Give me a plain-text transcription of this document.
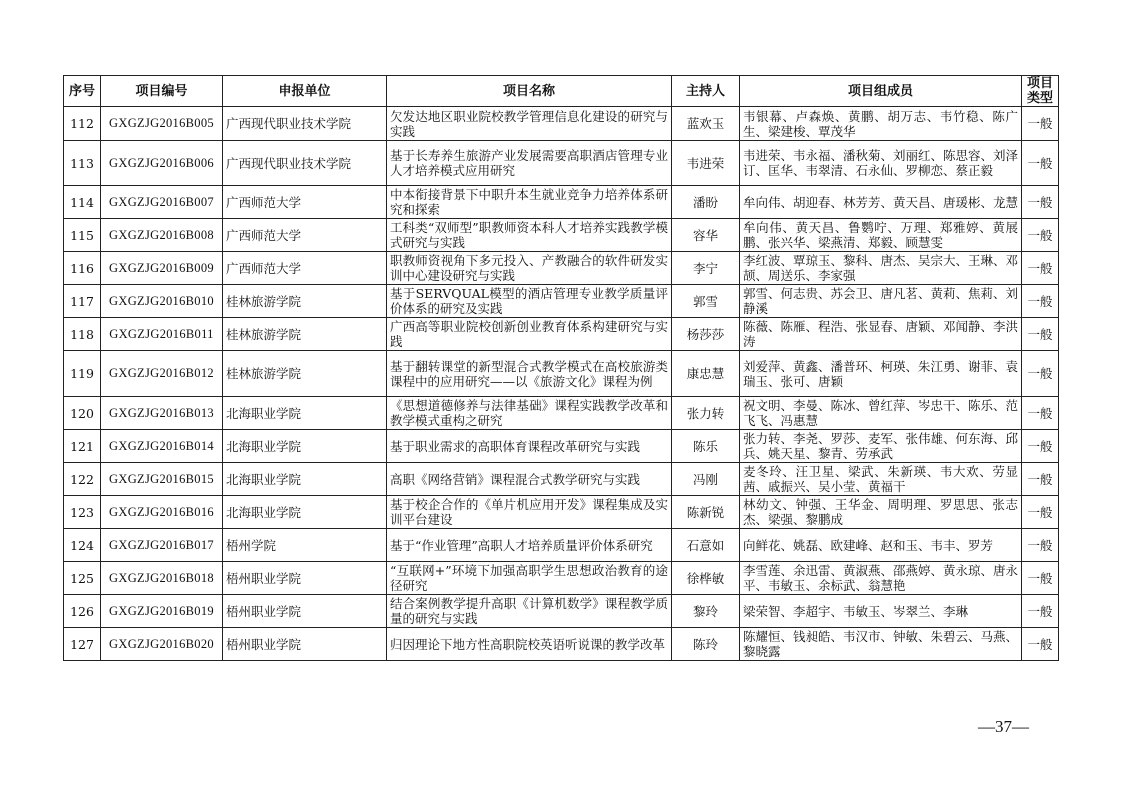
序号	项目编号	申报单位	项目名称	主持人	项目组成员	项目类型
112	GXGZJG2016B005	广西现代职业技术学院	欠发达地区职业院校教学管理信息化建设的研究与实践	蓝欢玉	韦银幕、卢森焕、黄鹏、胡万志、韦竹稳、陈广生、梁建梭、覃茂华	一般
113	GXGZJG2016B006	广西现代职业技术学院	基于长寿养生旅游产业发展需要高职酒店管理专业人才培养模式应用研究	韦进荣	韦进荣、韦永福、潘秋菊、刘丽红、陈思容、刘泽订、匡华、韦翠清、石永仙、罗柳恋、蔡正毅	一般
114	GXGZJG2016B007	广西师范大学	中本衔接背景下中职升本生就业竞争力培养体系研究和探索	潘盼	牟向伟、胡迎春、林芳芳、黄天昌、唐瑗彬、龙慧	一般
115	GXGZJG2016B008	广西师范大学	工科类“双师型”职教师资本科人才培养实践教学模式研究与实践	容华	牟向伟、黄天昌、鲁鹦咛、万理、郑雅婷、黄展鹏、张兴华、梁燕清、郑毅、顾慧雯	一般
116	GXGZJG2016B009	广西师范大学	职教师资视角下多元投入、产教融合的软件研发实训中心建设研究与实践	李宁	李红波、覃琼玉、黎科、唐杰、吴宗大、王琳、邓颉、周送乐、李家强	一般
117	GXGZJG2016B010	桂林旅游学院	基于SERVQUAL模型的酒店管理专业教学质量评价体系的研究及实践	郭雪	郭雪、何志贵、苏会卫、唐凡茗、黄莉、焦莉、刘静溪	一般
118	GXGZJG2016B011	桂林旅游学院	广西高等职业院校创新创业教育体系构建研究与实践	杨莎莎	陈薇、陈雁、程浩、张显春、唐颖、邓闻静、李洪涛	一般
119	GXGZJG2016B012	桂林旅游学院	基于翻转课堂的新型混合式教学模式在高校旅游类课程中的应用研究——以《旅游文化》课程为例	康忠慧	刘爱萍、黄鑫、潘普环、柯瑛、朱江勇、谢菲、袁瑞玉、张可、唐颖	一般
120	GXGZJG2016B013	北海职业学院	《思想道德修养与法律基础》课程实践教学改革和教学模式重构之研究	张力转	祝文明、李曼、陈冰、曾红萍、岑忠干、陈乐、范飞飞、冯惠慧	一般
121	GXGZJG2016B014	北海职业学院	基于职业需求的高职体育课程改革研究与实践	陈乐	张力转、李尧、罗莎、麦军、张伟雄、何东海、邱兵、姚天星、黎青、劳承武	一般
122	GXGZJG2016B015	北海职业学院	高职《网络营销》课程混合式教学研究与实践	冯刚	麦冬玲、汪卫星、梁武、朱新瑛、韦大欢、劳显茜、戚振兴、吴小莹、黄福干	一般
123	GXGZJG2016B016	北海职业学院	基于校企合作的《单片机应用开发》课程集成及实训平台建设	陈新锐	林幼文、钟强、王华金、周明理、罗思思、张志杰、梁强、黎鹏成	一般
124	GXGZJG2016B017	梧州学院	基于“作业管理”高职人才培养质量评价体系研究	石意如	向鲜花、姚磊、欧建峰、赵和玉、韦丰、罗芳	一般
125	GXGZJG2016B018	梧州职业学院	“互联网+”环境下加强高职学生思想政治教育的途径研究	徐桦敏	李雪莲、余迅雷、黄淑燕、邵燕婷、黄永琼、唐永平、韦敏玉、余标武、翁慧艳	一般
126	GXGZJG2016B019	梧州职业学院	结合案例教学提升高职《计算机数学》课程教学质量的研究与实践	黎玲	梁荣智、李超宇、韦敏玉、岑翠兰、李琳	一般
127	GXGZJG2016B020	梧州职业学院	归因理论下地方性高职院校英语听说课的教学改革	陈玲	陈耀恒、钱昶皓、韦汉市、钟敏、朱碧云、马燕、黎晓露	一般
—37—
